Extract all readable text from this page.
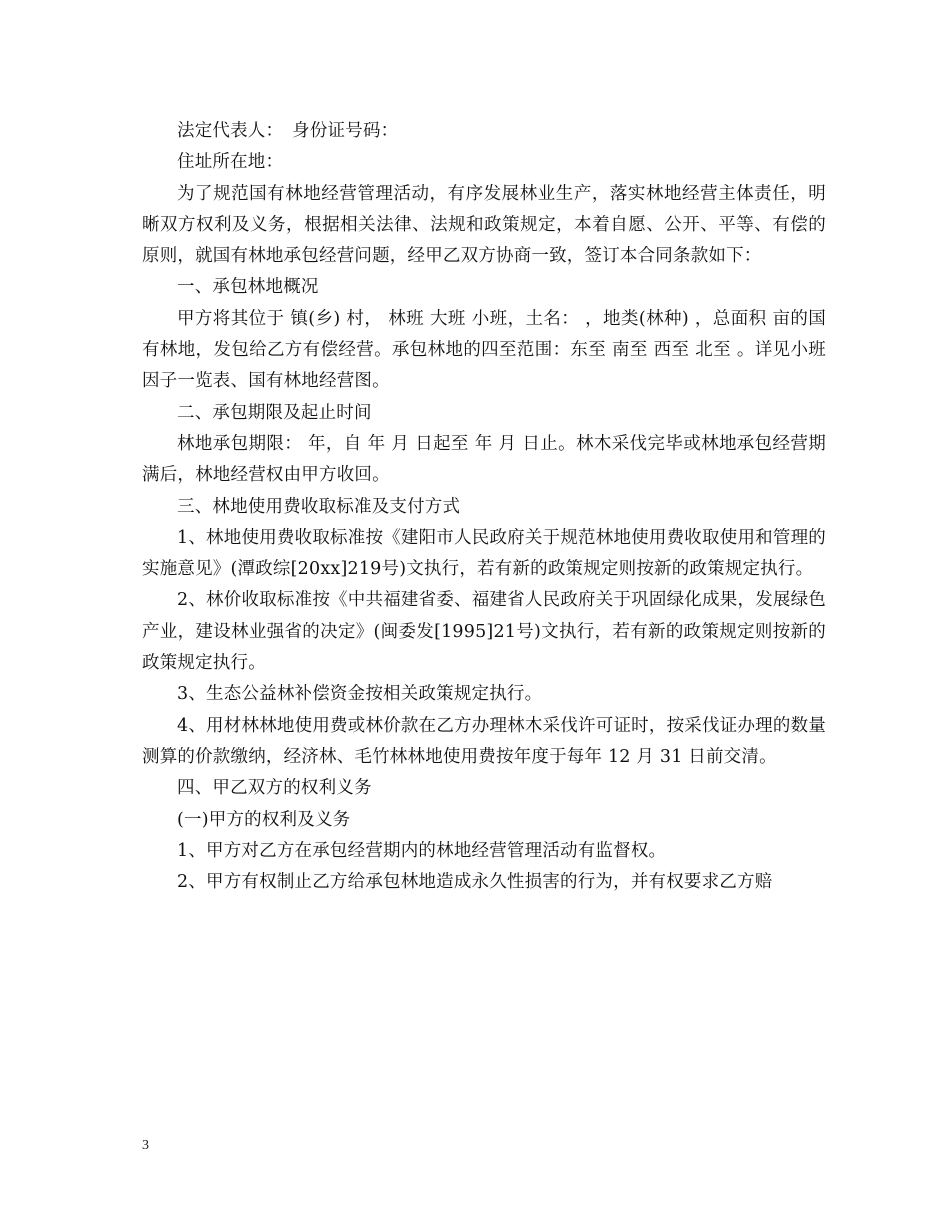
法定代表人：　身份证号码：

住址所在地：

为了规范国有林地经营管理活动，有序发展林业生产，落实林地经营主体责任，明晰双方权利及义务，根据相关法律、法规和政策规定，本着自愿、公开、平等、有偿的原则，就国有林地承包经营问题，经甲乙双方协商一致，签订本合同条款如下：

一、承包林地概况

甲方将其位于 镇(乡) 村， 林班 大班 小班，土名： ，地类(林种) ，总面积 亩的国有林地，发包给乙方有偿经营。承包林地的四至范围：东至 南至 西至 北至 。详见小班因子一览表、国有林地经营图。

二、承包期限及起止时间

林地承包期限： 年，自 年 月 日起至 年 月 日止。林木采伐完毕或林地承包经营期满后，林地经营权由甲方收回。

三、林地使用费收取标准及支付方式

1、林地使用费收取标准按《建阳市人民政府关于规范林地使用费收取使用和管理的实施意见》(潭政综[20xx]219号)文执行，若有新的政策规定则按新的政策规定执行。

2、林价收取标准按《中共福建省委、福建省人民政府关于巩固绿化成果，发展绿色产业，建设林业强省的决定》(闽委发[1995]21号)文执行，若有新的政策规定则按新的政策规定执行。

3、生态公益林补偿资金按相关政策规定执行。

4、用材林林地使用费或林价款在乙方办理林木采伐许可证时，按采伐证办理的数量测算的价款缴纳，经济林、毛竹林林地使用费按年度于每年 12 月 31 日前交清。

四、甲乙双方的权利义务

(一)甲方的权利及义务

1、甲方对乙方在承包经营期内的林地经营管理活动有监督权。

2、甲方有权制止乙方给承包林地造成永久性损害的行为，并有权要求乙方赔

3
